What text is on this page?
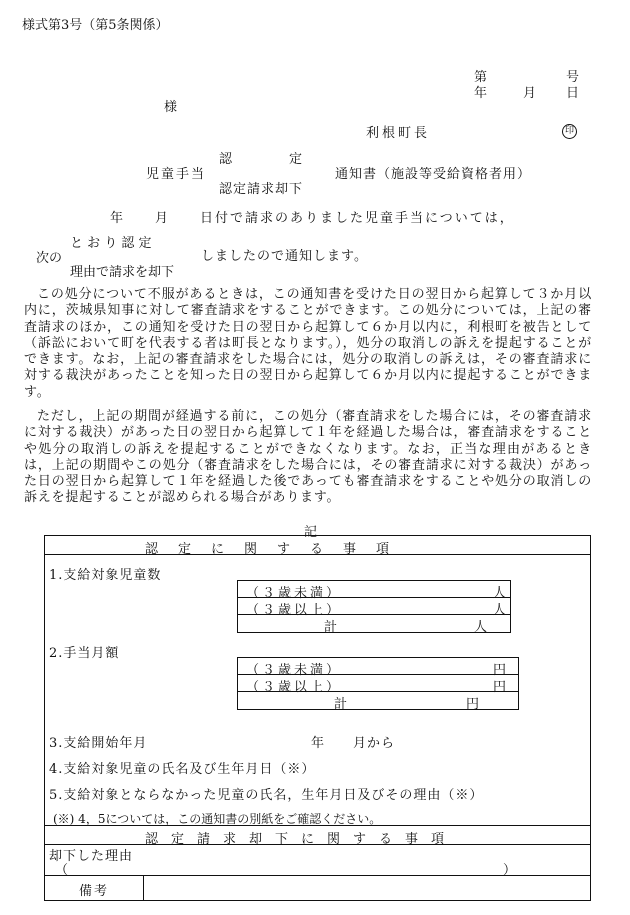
様式第3号（第5条関係）
第	号
年	月 日
様
利根町長	印
認　　　　定
児童手当	通知書（施設等受給資格者用）
認定請求却下
年　　月　　日付で請求のありました児童手当については，
と お り 認 定
次の	しましたので通知します。
理由で請求を却下
この処分について不服があるときは，この通知書を受けた日の翌日から起算して３か月以内に，茨城県知事に対して審査請求をすることができます。この処分については，上記の審査請求のほか，この通知を受けた日の翌日から起算して６か月以内に，利根町を被告として（訴訟において町を代表する者は町長となります。），処分の取消しの訴えを提起することができます。なお，上記の審査請求をした場合には，処分の取消しの訴えは，その審査請求に対する裁決があったことを知った日の翌日から起算して６か月以内に提起することができます。
ただし，上記の期間が経過する前に，この処分（審査請求をした場合には，その審査請求に対する裁決）があった日の翌日から起算して１年を経過した場合は，審査請求をすることや処分の取消しの訴えを提起することができなくなります。なお，正当な理由があるときは，上記の期間やこの処分（審査請求をした場合には，その審査請求に対する裁決）があった日の翌日から起算して１年を経過した後であっても審査請求をすることや処分の取消しの訴えを提起することが認められる場合があります。
記
認定に関する事項
1.支給対象児童数
（３歳未満）	人
（３歳以上）	人
計	人
2.手当月額
（３歳未満）	円
（３歳以上）	円
計	円
3.支給開始年月	年　　月から
4.支給対象児童の氏名及び生年月日（※）
5.支給対象とならなかった児童の氏名，生年月日及びその理由（※）
(※) 4，5については，この通知書の別紙をご確認ください。
認定請求却下に関する事項
却下した理由
（	）
備考
